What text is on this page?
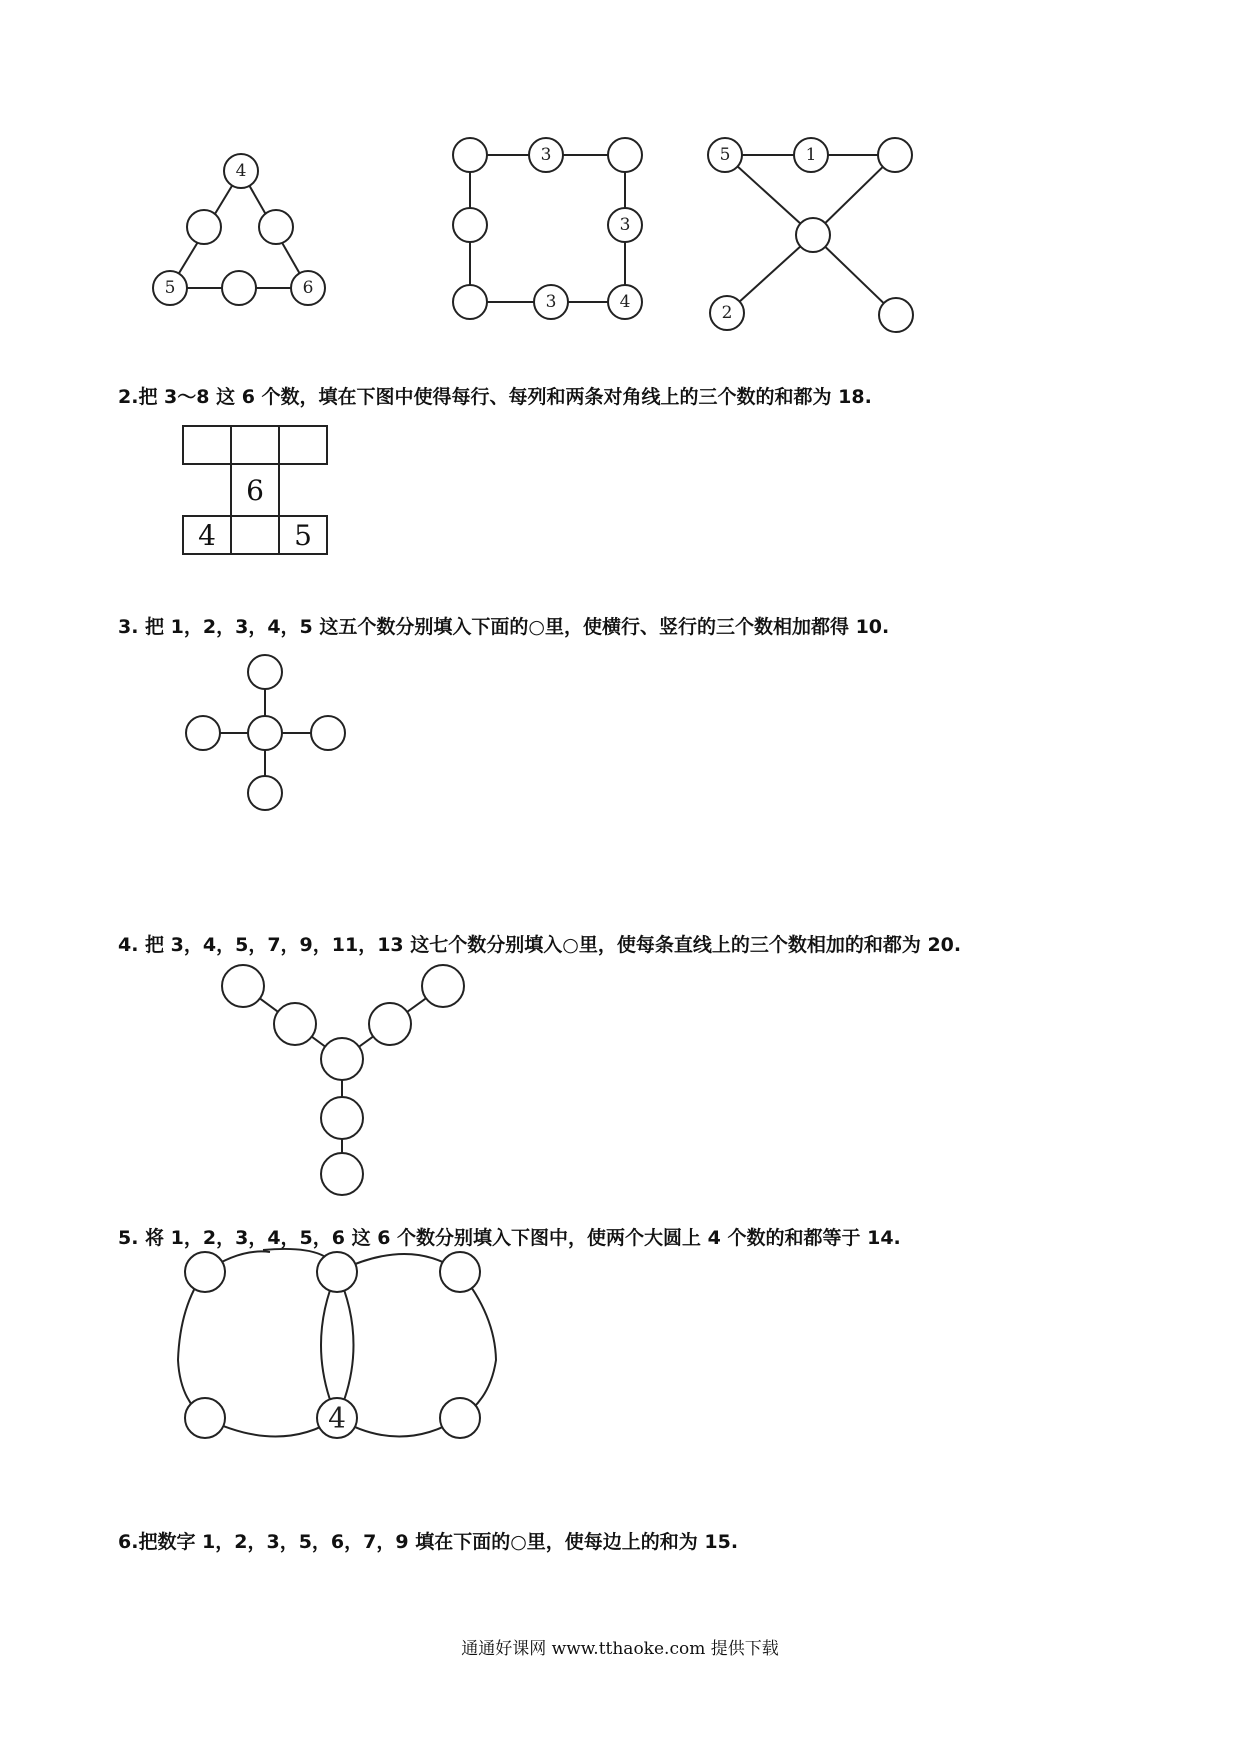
4
5	6
3
3
3	4
5	1
2
2.把 3～8 这 6 个数，填在下图中使得每行、每列和两条对角线上的三个数的和都为 18.
6
4	5
3. 把 1，2，3，4，5 这五个数分别填入下面的○里，使横行、竖行的三个数相加都得 10.
4. 把 3，4，5，7，9，11，13 这七个数分别填入○里，使每条直线上的三个数相加的和都为 20.
5. 将 1，2，3，4，5，6 这 6 个数分别填入下图中，使两个大圆上 4 个数的和都等于 14.
4
6.把数字 1，2，3，5，6，7，9 填在下面的○里，使每边上的和为 15.
通通好课网 www.tthaoke.com 提供下载
